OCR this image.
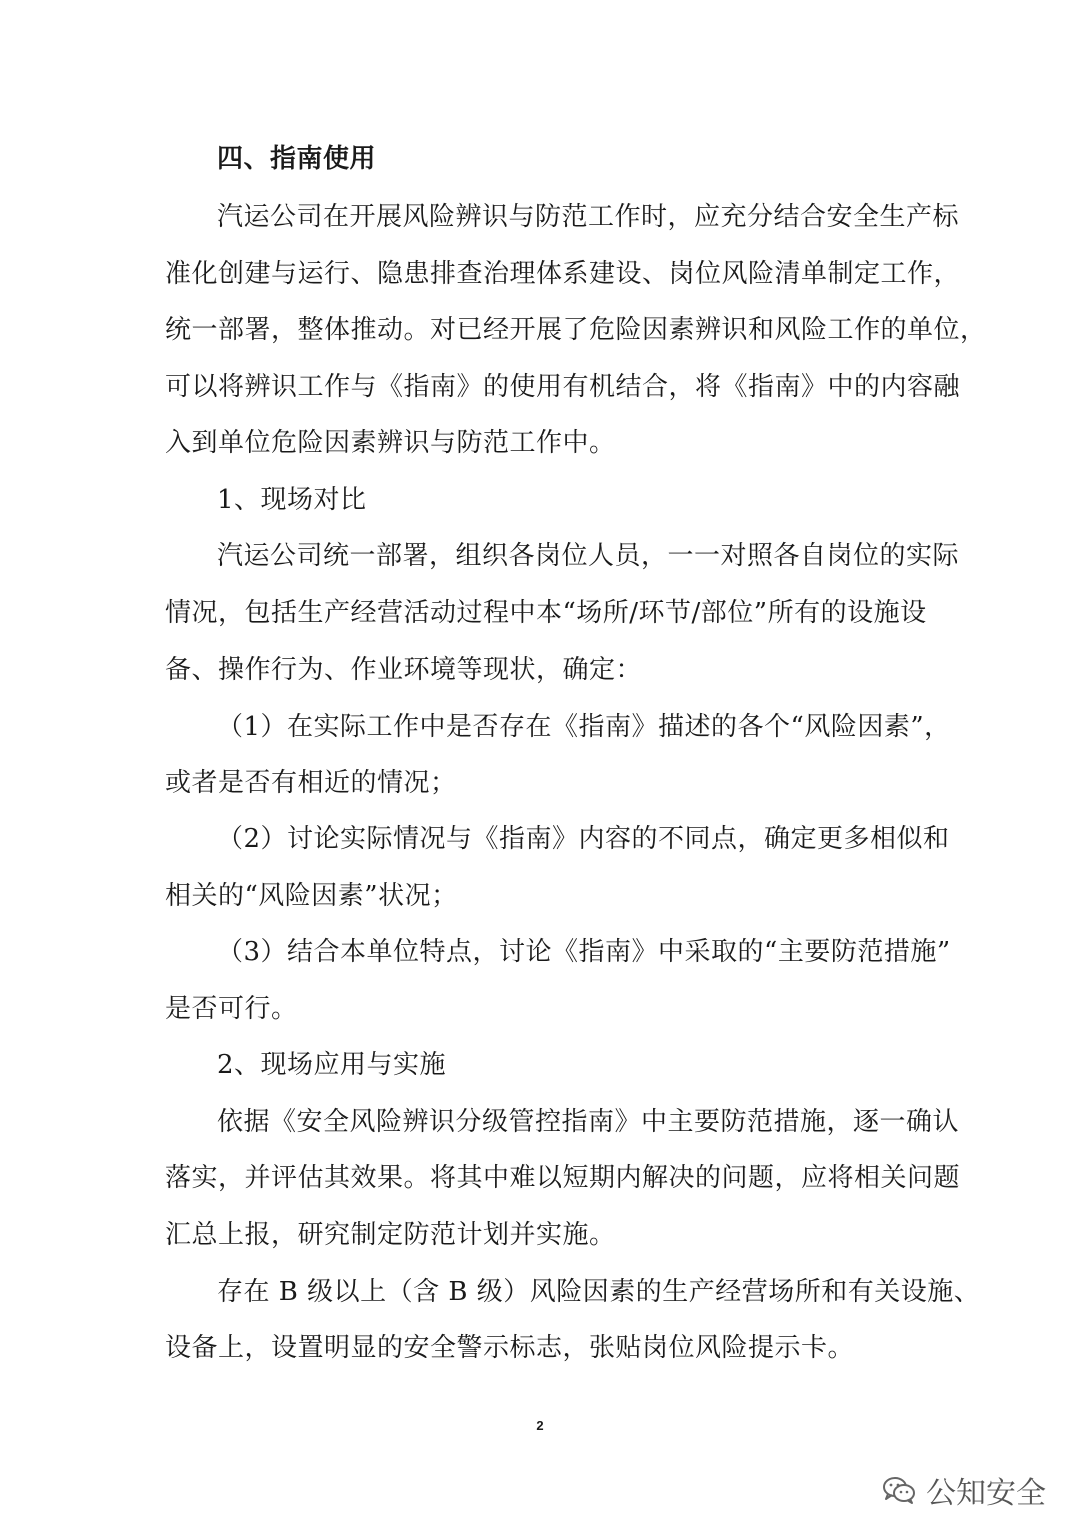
四、指南使用
汽运公司在开展风险辨识与防范工作时，应充分结合安全生产标
准化创建与运行、隐患排查治理体系建设、岗位风险清单制定工作，
统一部署，整体推动。对已经开展了危险因素辨识和风险工作的单位，
可以将辨识工作与《指南》的使用有机结合，将《指南》中的内容融
入到单位危险因素辨识与防范工作中。
1、现场对比
汽运公司统一部署，组织各岗位人员，一一对照各自岗位的实际
情况，包括生产经营活动过程中本“场所/环节/部位”所有的设施设
备、操作行为、作业环境等现状，确定：
（1）在实际工作中是否存在《指南》描述的各个“风险因素”，
或者是否有相近的情况；
（2）讨论实际情况与《指南》内容的不同点，确定更多相似和
相关的“风险因素”状况；
（3）结合本单位特点，讨论《指南》中采取的“主要防范措施”
是否可行。
2、现场应用与实施
依据《安全风险辨识分级管控指南》中主要防范措施，逐一确认
落实，并评估其效果。将其中难以短期内解决的问题，应将相关问题
汇总上报，研究制定防范计划并实施。
存在 B 级以上（含 B 级）风险因素的生产经营场所和有关设施、
设备上，设置明显的安全警示标志，张贴岗位风险提示卡。
2
公知安全
